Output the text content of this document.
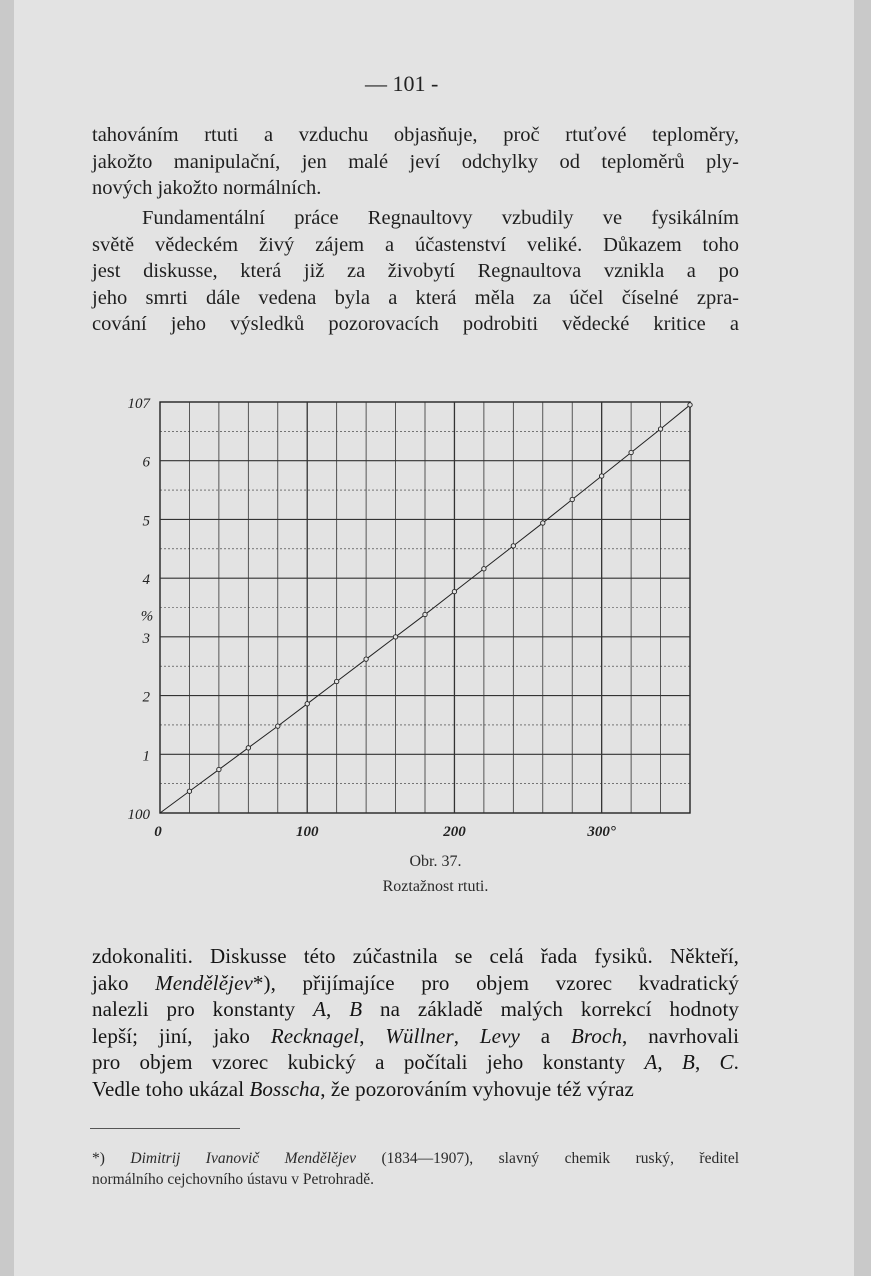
— 101 -
tahováním rtuti a vzduchu objasňuje, proč rtuťové teploměry,
jakožto manipulační, jen malé jeví odchylky od teploměrů ply-
nových jakožto normálních.
Fundamentální práce Regnaultovy vzbudily ve fysikálním
světě vědeckém živý zájem a účastenství veliké. Důkazem toho
jest diskusse, která již za živobytí Regnaultova vznikla a po
jeho smrti dále vedena byla a která měla za účel číselné zpra-
cování jeho výsledků pozorovacích podrobiti vědecké kritice a
100
1
2
3
4
5
6
107
%
0	100	200	300°
Obr. 37.
Roztažnost rtuti.
zdokonaliti. Diskusse této zúčastnila se celá řada fysiků. Někteří,
jako Mendělějev*), přijímajíce pro objem vzorec kvadratický
nalezli pro konstanty A, B na základě malých korrekcí hodnoty
lepší; jiní, jako Recknagel, Wüllner, Levy a Broch, navrhovali
pro objem vzorec kubický a počítali jeho konstanty A, B, C.
Vedle toho ukázal Bosscha, že pozorováním vyhovuje též výraz
*) Dimitrij Ivanovič Mendělějev (1834—1907), slavný chemik ruský, ředitel
normálního cejchovního ústavu v Petrohradě.
